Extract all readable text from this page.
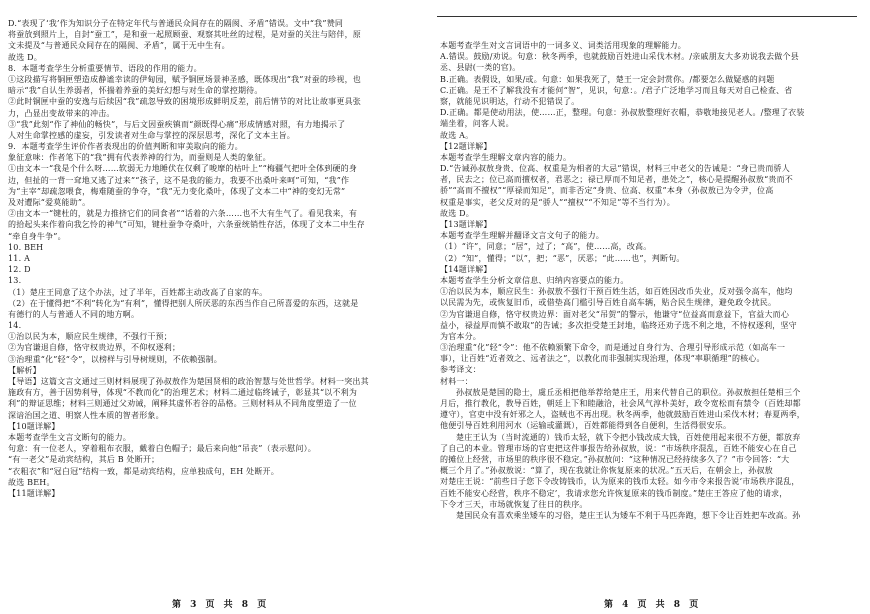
D.“表现了‘我’作为知识分子在特定年代与普通民众间存在的隔阂、矛盾”错误。文中“我”赞同
将蚕放到照片上，自封“蚕工”，是和蚕一起照顾蚕、观察其吐丝的过程，是对蚕的关注与陪伴，原
文未提及“与普通民众间存在的隔阂、矛盾”，属于无中生有。
故选 D。
8．本题考查学生分析重要情节、语段的作用的能力。
①这段描写将铜匣塑造成静谧幸读的伊甸园，赋予铜匣场景神圣感，既体现出“我”对蚕的珍视，也
暗示“我”自认生养弱者，怀揣着养蚕的美好幻想与对生命的掌控期待。
②此时铜匣中蚕的安逸与后续因“我”疏忽导致的困境形成鲜明反差，前后情节的对比让故事更具张
力，凸显出变故带来的冲击。
③“我”此刻“作了神仙的畅快”，与后文因蚕疾镇而“颜既得心痛”形成情感对照，有力地揭示了
人对生命掌控感的虚妄，引发读者对生命与掌控的深层思考，深化了文本主旨。
9．本题考查学生评价作者表现出的价值判断和审美取向的能力。
象征意味：作者笔下的“我”拥有代表养神的行为，而蚕则是人类的象征。
①由文本一“我是个什么呀……软弱无力地睡伏在仅剩了唆摩的枯叶上”“梅疆气把叶全体到硬的身
边，但扯的一背一耷地又逃了过来”“孩子，这不是我的能力，我要不出桑叶来呵”可知，“我”作
为“主宰”却疏忽喂食，梅难随蚕的争夺，“我”无力变化桑叶，体现了文本二中“神的变幻无常”
及对遭际“爱莫能助”。
②由文本一“键杜的，就是力推挤它们的同食者”“话着的六条……也不大有生气了。看见我来，有
的拾起头来作着向我乞怜的神气”可知，键杜蚕争夺桑叶，六条蚕统销性存活，体现了文本二中生存
“牵自身牛争”。
10. BEH
11. A
12. D
13.
（1）楚庄王同意了这个办法，过了半年，百姓都主动改高了自家的车。
（2）在于懂得把“不利”转化为“有利”，懂得把别人所厌恶的东西当作自己所喜爱的东西，这就是
有德行的人与普通人不同的地方啊。
14.
①治以民为本，顺应民生规律，不强行干预；
②为官谦退自修，恪守权贵边界，不仰权逐利；
③治理重“化”轻“令”，以榜样与引导树规则，不依赖强制。
【解析】
【导语】这篇文言文通过三则材料展现了孙叔敖作为楚国贤相的政治智慧与处世哲学。材料一突出其
施政有方，善于因势利导，体现“不教而化”的治理艺术；材料二通过临终诫子，彰显其“以不利为
利”的辩证思维；材料三则通过父劝诫，阐释其虚怀若谷的品格。三则材料从不同角度塑造了一位
深谙治国之道、明察人性本质的智者形象。
【10题详解】
本题考查学生文言文断句的能力。
句意：有一位老人，穿着粗布衣服，戴着白色帽子；最后来向他“吊丧”（表示慰问）。
“有一老父”是动宾结构，其后 B 处断开；
“衣粗衣”和“冠白冠”结构一致，都是动宾结构，应单独成句，EH 处断开。
故选 BEH。
【11题详解】
本题考查学生对文言词语中的一词多义、词类活用现象的理解能力。
A.错误。鼓励/劝说。句意：秋冬两季，也就鼓励百姓进山采伐木材。/亲戚朋友大多劝说我去做个县
丞、县尉(一类的官)。
B.正确。表假设，如果/或。句意：如果我死了，楚王一定会封赏你。/都要怎么做疑惑的问题
C.正确。是王不了解我没有才能何“智”，见识，句意：。/君子广泛地学习而且每天对自己检查、省
察，就能见识明达，行动不犯错误了。
D.正确。都是使动用法，使……正，整理。句意：孙叔敖整理好衣帽，恭敬地接见老人。/整理了衣装
端坐着，问客人说。
故选 A。
【12题详解】
本题考查学生理解文章内容的能力。
D.“告诫孙叔敖身贵、位高、权重是为相者的大忌”错误，材料三中老父的告诫是：“身已贵而骄人
者，民去之；位已高而擅权者，君恶之；禄已厚而不知足者，患处之”，核心是提醒孙叔敖“贵而不
骄”“高而不擅权”“厚禄而知足”，而非否定“身贵、位高、权重”本身（孙叔敖已为令尹，位高
权重是事实，老父反对的是“骄人”“擅权”“不知足”等不当行为）。
故选 D。
【13题详解】
本题考查学生理解并翻译文言文句子的能力。
（1）“许”，同意；“居”，过了；“高”，使……高，改高。
（2）“知”，懂得；“以”，把；“恶”，厌恶；“此……也”，判断句。
【14题详解】
本题考查学生分析文章信息、归纳内容要点的能力。
①治以民为本，顺应民生：孙叔敖不强行干预百姓生活，如百姓因改币失业，反对强令高车，他均
以民需为先，或恢复旧币，或借垫高门槛引导百姓自高车辆，贴合民生规律，避免政令扰民。
②为官谦退自修，恪守权贵边界：面对老父“吊贺”的警示，他谦守“位益高而意益下，官益大而心
益小，禄益厚而慎不敢取”的告诫；多次拒受楚王封地，临终还劝子选不利之地，不恃权逐利，坚守
为官本分。
③治理重“化”轻“令”：他不依赖颁繁下命令，而是通过自身行为、合理引导形成示范（如高车一
事），让百姓“近者效之、远者法之”，以教化而非强制实现治理，体现“率职循理”的核心。
参考译文：
材料一：
孙叔敖是楚国的隐士，虞丘丞相把他举荐给楚庄王，用来代替自己的职位。孙叔敖担任楚相三个
月后，推行教化，教导百姓，朝廷上下和睦融洽，社会风气淳朴美好，政令宽松而有禁令（百姓却都
遵守），官吏中没有奸邪之人，盗贼也不再出现。秋冬两季，他就鼓励百姓进山采伐木材；春夏两季，
他便引导百姓利用河水（运输或灌溉），百姓都能得到各自便利，生活得很安乐。
楚庄王认为（当时流通的）钱币太轻，就下令把小钱改成大钱，百姓使用起来很不方便，都放弃
了自己的本业。管理市场的官吏把这件事报告给孙叔敖，说：“市场秩序混乱，百姓不能安心在自己
的摊位上经营，市场里的秩序很不稳定。”孙叔敖问：“这种情况已经持续多久了？”市令回答：“大
概三个月了。”孙叔敖说：“算了，现在我就让你恢复原来的状况。”五天后，在朝会上，孙叔敖
对楚庄王说：“前些日子您下令改铸钱币，认为原来的钱币太轻。如今市令来报告说‘市场秩序混乱，
百姓不能安心经营，秩序不稳定’，我请求您允许恢复原来的钱币制度。”楚庄王答应了他的请求，
下令才三天，市场就恢复了往日的秩序。
楚国民众有喜欢乘坐矮车的习俗，楚庄王认为矮车不利于马匹奔跑，想下令让百姓把车改高。孙
第 3 页 共 8 页	第 4 页 共 8 页
